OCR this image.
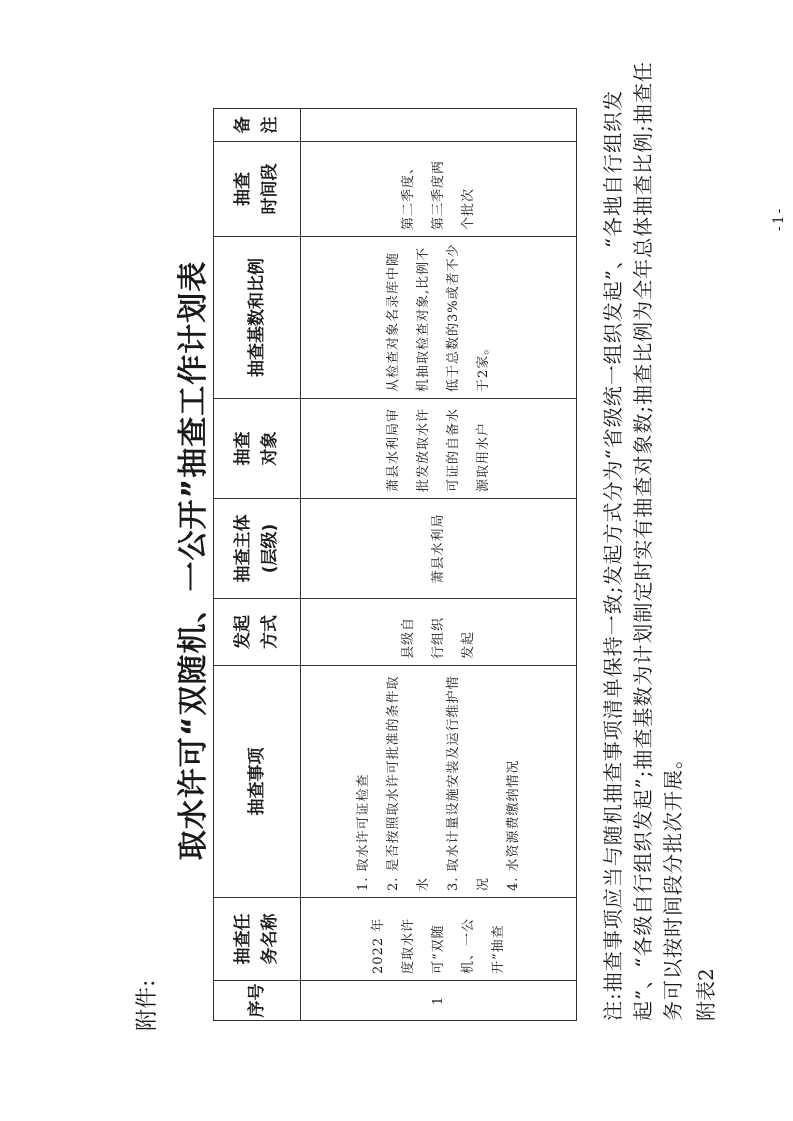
附件:
取水许可“双随机、一公开”抽查工作计划表
序号	抽查任 务名称	抽查事项	发起 方式	抽查主体 (层级)	抽查 对象	抽查基数和比例	抽查 时间段	备注
1	2022 年度取水许可“双随机、一公开”抽查	1. 取水许可证检查 2. 是否按照取水许可批准的条件取水 3. 取水计量设施安装及运行维护情况 4. 水资源费缴纳情况	县级自行组织发起	萧县水利局	萧县水利局审批发放取水许可证的自备水源取用水户	从检查对象名录库中随机抽取检查对象,比例不低于总数的3%或者不少于2家。	第二季度、第三季度两个批次		注:抽查事项应当与随机抽查事项清单保持一致;发起方式分为“省级统一组织发起”、“各地自行组织发起”、“各级自行组织发起”;抽查基数为计划制定时实有抽查对象数;抽查比例为全年总体抽查比例;抽查任务可以按时间段分批次开展。 附表2
-1-
